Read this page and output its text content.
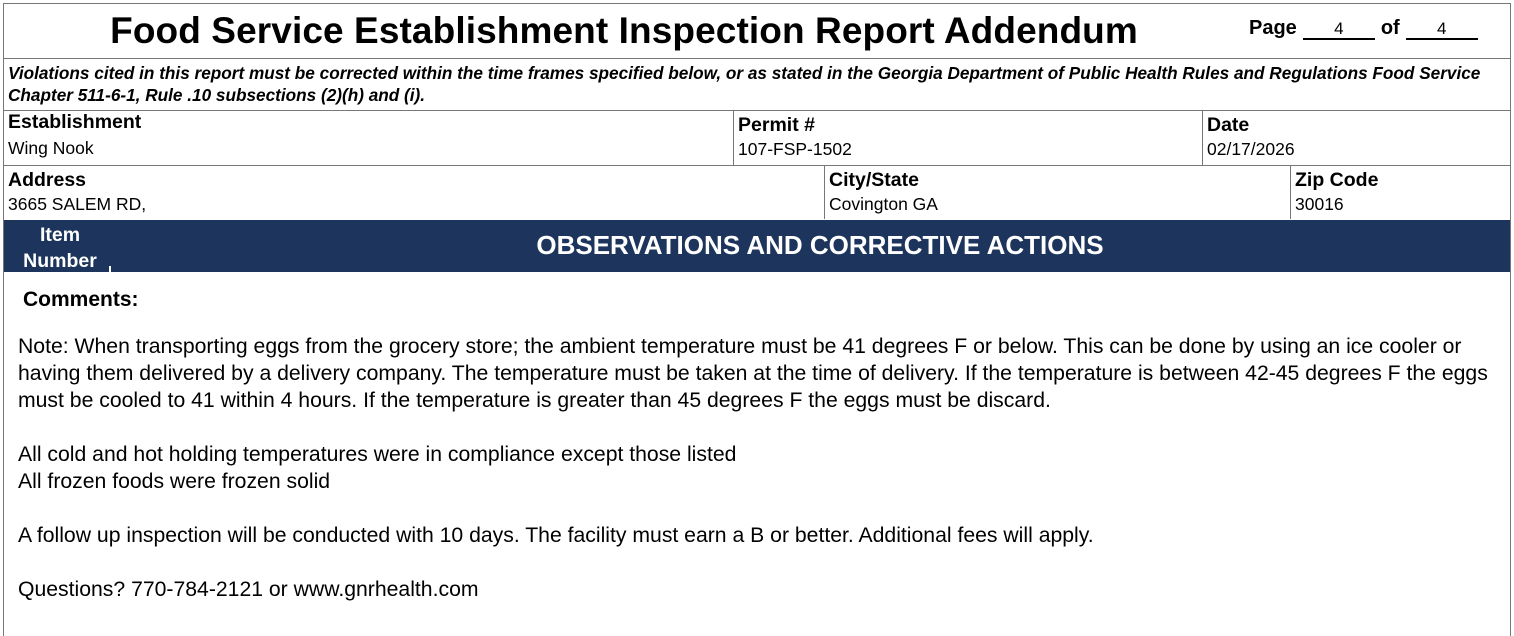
Food Service Establishment Inspection Report Addendum	Page 4 of 4
Violations cited in this report must be corrected within the time frames specified below, or as stated in the Georgia Department of Public Health Rules and Regulations Food Service Chapter 511-6-1, Rule .10 subsections (2)(h) and (i).
Establishment
Wing Nook
Permit #
107-FSP-1502
Date
02/17/2026
Address
3665 SALEM RD,
City/State
Covington GA
Zip Code
30016
Item
Number
OBSERVATIONS AND CORRECTIVE ACTIONS
Comments:

Note: When transporting eggs from the grocery store; the ambient temperature must be 41 degrees F or below. This can be done by using an ice cooler or having them delivered by a delivery company. The temperature must be taken at the time of delivery. If the temperature is between 42-45 degrees F the eggs must be cooled to 41 within 4 hours. If the temperature is greater than 45 degrees F the eggs must be discard.

All cold and hot holding temperatures were in compliance except those listed

All frozen foods were frozen solid

A follow up inspection will be conducted with 10 days. The facility must earn a B or better. Additional fees will apply.

Questions? 770-784-2121 or www.gnrhealth.com
